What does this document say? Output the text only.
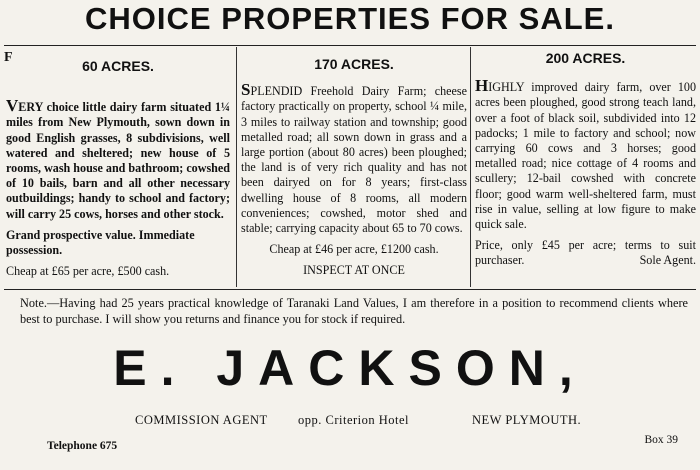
CHOICE PROPERTIES FOR SALE.
F
60 ACRES.

VERY choice little dairy farm situated 1¼ miles from New Plymouth, sown down in good English grasses, 8 subdivisions, well watered and sheltered; new house of 5 rooms, wash house and bathroom; cowshed of 10 bails, barn and all other necessary outbuildings; handy to school and factory; will carry 25 cows, horses and other stock.

Grand prospective value. Immediate possession.

Cheap at £65 per acre, £500 cash.

170 ACRES.

SPLENDID Freehold Dairy Farm; cheese factory practically on property, school ¼ mile, 3 miles to railway station and township; good metalled road; all sown down in grass and a large portion (about 80 acres) been ploughed; the land is of very rich quality and has not been dairyed on for 8 years; first-class dwelling house of 8 rooms, all modern conveniences; cowshed, motor shed and stable; carrying capacity about 65 to 70 cows.

Cheap at £46 per acre, £1200 cash.

INSPECT AT ONCE

200 ACRES.

HIGHLY improved dairy farm, over 100 acres been ploughed, good strong teach land, over a foot of black soil, subdivided into 12 padocks; 1 mile to factory and school; now carrying 60 cows and 3 horses; good metalled road; nice cottage of 4 rooms and scullery; 12-bail cowshed with concrete floor; good warm well-sheltered farm, must rise in value, selling at low figure to make quick sale.

Price, only £45 per acre; terms to suit purchaser.	Sole Agent.

Note.—Having had 25 years practical knowledge of Taranaki Land Values, I am therefore in a position to recommend clients where best to purchase. I will show you returns and finance you for stock if required.
E. JACKSON,
COMMISSION AGENT opp. Criterion Hotel	NEW PLYMOUTH.
Telephone 675	Box 39
